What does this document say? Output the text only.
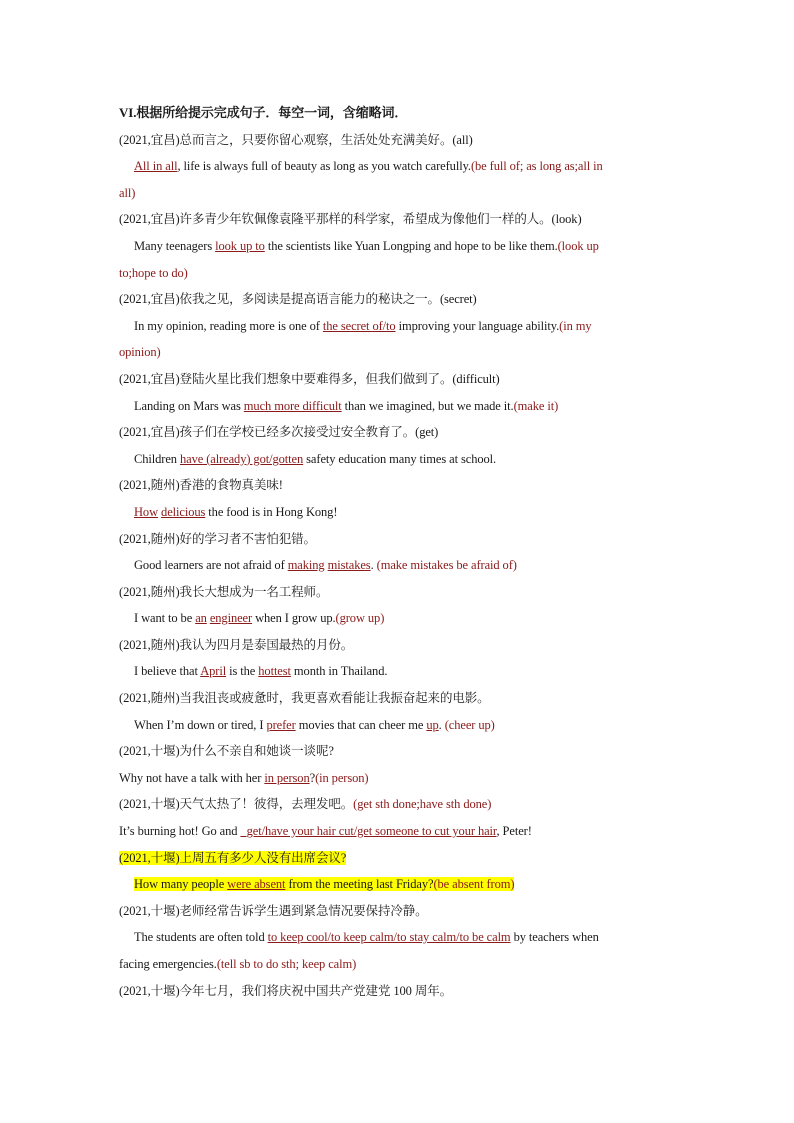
VI.根据所给提示完成句子．每空一词，含缩略词．
(2021,宜昌)总而言之，只要你留心观察，生活处处充满美好。(all)
All in all, life is always full of beauty as long as you watch carefully.(be full of; as long as;all in
all)
(2021,宜昌)许多青少年钦佩像袁隆平那样的科学家，希望成为像他们一样的人。(look)
Many teenagers look up to the scientists like Yuan Longping and hope to be like them.(look up
to;hope to do)
(2021,宜昌)依我之见，多阅读是提高语言能力的秘诀之一。(secret)
In my opinion, reading more is one of the secret of/to improving your language ability.(in my
opinion)
(2021,宜昌)登陆火星比我们想象中要难得多，但我们做到了。(difficult)
Landing on Mars was much more difficult than we imagined, but we made it.(make it)
(2021,宜昌)孩子们在学校已经多次接受过安全教育了。(get)
Children have (already) got/gotten safety education many times at school.
(2021,随州)香港的食物真美味!
How delicious the food is in Hong Kong!
(2021,随州)好的学习者不害怕犯错。
Good learners are not afraid of making mistakes. (make mistakes be afraid of)
(2021,随州)我长大想成为一名工程师。
I want to be an engineer when I grow up.(grow up)
(2021,随州)我认为四月是泰国最热的月份。
I believe that April is the hottest month in Thailand.
(2021,随州)当我沮丧或疲惫时，我更喜欢看能让我振奋起来的电影。
When I’m down or tired, I prefer movies that can cheer me up. (cheer up)
(2021,十堰)为什么不亲自和她谈一谈呢?
Why not have a talk with her in person?(in person)
(2021,十堰)天气太热了！彼得，去理发吧。(get sth done;have sth done)
It’s burning hot! Go and _get/have your hair cut/get someone to cut your hair, Peter!
(2021,十堰)上周五有多少人没有出席会议?
How many people were absent from the meeting last Friday?(be absent from)
(2021,十堰)老师经常告诉学生遇到紧急情况要保持冷静。
The students are often told to keep cool/to keep calm/to stay calm/to be calm by teachers when
facing emergencies.(tell sb to do sth; keep calm)
(2021,十堰)今年七月，我们将庆祝中国共产党建党 100 周年。
